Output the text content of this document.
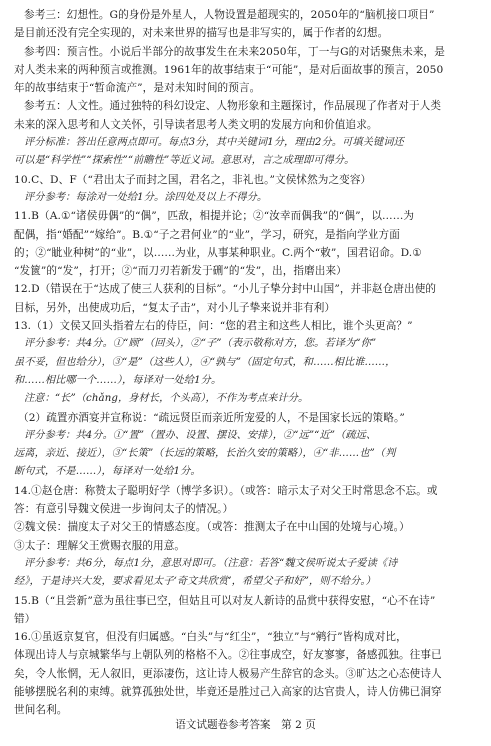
参考三：幻想性。G的身份是外星人，人物设置是超现实的，2050年的“脑机接口项目”
是目前还没有完全实现的，对未来世界的描写也是非写实的，属于作者的幻想。
参考四：预言性。小说后半部分的故事发生在未来2050年，丁一与G的对话聚焦未来，是
对人类未来的两种预言或推测。1961年的故事结束于“可能”，是对后面故事的预言，2050
年的故事结束于“暂命流产”，是对未知时间的预言。
参考五：人文性。通过独特的科幻设定、人物形象和主题探讨，作品展现了作者对于人类
未来的深入思考和人文关怀，引导读者思考人类文明的发展方向和价值追求。
评分标准：答出任意两点即可。每点3分，其中关键词1分，理由2分。可填关键词还
可以是“科学性”“探索性”“前瞻性”等近义词。意思对，言之成理即可得分。
10.C、D、F（“君出太子而封之国，君名之，非礼也。”文侯怵然为之变容）
评分参考：每涂对一处给1分。涂四处及以上不得分。
11.B（A.①“诸侯毋偶”的“偶”，匹敌，相提并论；②“汝幸而偶我”的“偶”，以……为
配偶，指“婚配”“嫁给”。B.①“子之君何业”的“业”，学习，研究，是指向学业方面
的；②“眦业种树”的“业”，以……为业，从事某种职业。C.两个“敕”，国君诏命。D.①
“发篋”的“发”，打开；②“而刀刃若新发于硎”的“发”，出，指磨出来）
12.D（错误在于“达成了使三人获利的目标”。“小儿子挚分封中山国”，并非赵仓唐出使的
目标，另外，出使成功后，“复太子击”，对小儿子挚来说并非有利）
13.（1）文侯又回头指着左右的侍臣，问：“您的君主和这些人相比，谁个头更高？”
评分参考：共4分。①“顾”（回头），②“子”（表示敬称对方，您。若译为“你”
虽不妥，但也给分），③“是”（这些人），④“孰与”（固定句式，和……相比谁……，
和……相比哪一个……），每译对一处给1分。
注意：“长”（chǎng，身材长，个头高），不作为考点来计分。
（2）疏置亦酒宴并宣称说：“疏远贤臣而亲近所宠爱的人，不是国家长远的策略。”
评分参考：共4分。①“置”（置办、设置、摆设、安排），②“远”“近”（疏远、
远离，亲近、接近），③“长策”（长远的策略，长治久安的策略），④“非……也”（判
断句式，不是……），每译对一处给1分。
14.①赵仓唐：称赞太子聪明好学（博学多识）。（或答：暗示太子对父王时常思念不忘。或
答：有意引导魏文侯进一步询问太子的情况。）
②魏文侯：揣度太子对父王的情感态度。（或答：推测太子在中山国的处境与心境。）
③太子：理解父王赏赐衣服的用意。
评分参考：共6分，每点1分，意思对即可。（注意：若答“魏文侯听说太子爱读《诗
经》，于是诗兴大发，要求看见太子‘奇文共欣赏’，希望父子和好”，则不给分。）
15.B（“且尝新”意为虽往事已空，但姑且可以对友人新诗的品赏中获得安慰，“心不在诗”
错）
16.①虽返京复官，但没有归属感。“白头”与“红尘”，“独立”与“鹓行”皆构成对比，
体现出诗人与京城繁华与上朝队列的格格不入。②往事成空，好友寥寥，备感孤独。往事已
矣，令人怅惘，无人叙旧，更添凄伤，这让诗人极易产生辞官的念头。③旷达之心态使诗人
能够摆脱名利的束缚。就算孤独处世，毕竟还是胜过己入高家的达官贵人，诗人仿佛已洞穿
世间名利。
语文试题卷参考答案　第 2 页
